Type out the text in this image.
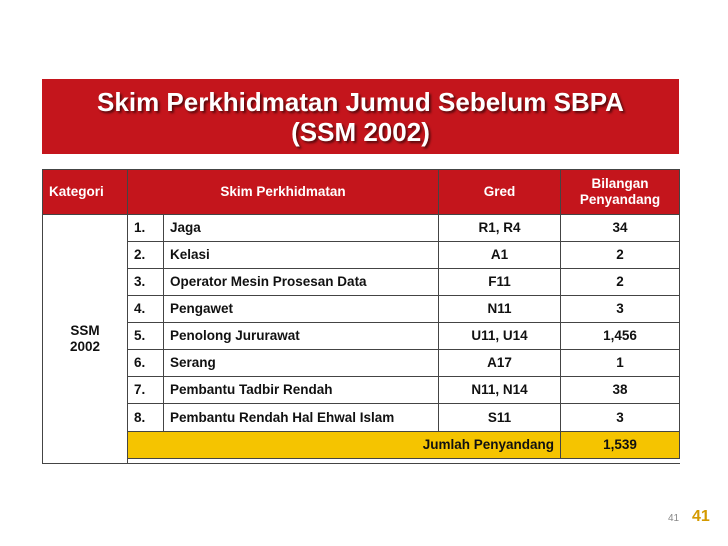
Skim Perkhidmatan Jumud Sebelum SBPA
(SSM 2002)
Kategori	Skim Perkhidmatan		Gred	Bilangan Penyandang

SSM
2002	1.	Jaga	R1, R4	34
	2.	Kelasi	A1	2
	3.	Operator Mesin Prosesan Data	F11	2
	4.	Pengawet	N11	3
	5.	Penolong Jururawat	U11, U14	1,456
	6.	Serang	A17	1
	7.	Pembantu Tadbir Rendah	N11, N14	38
	8.	Pembantu Rendah Hal Ehwal Islam	S11	3
	Jumlah Penyandang			1,539

41 41
